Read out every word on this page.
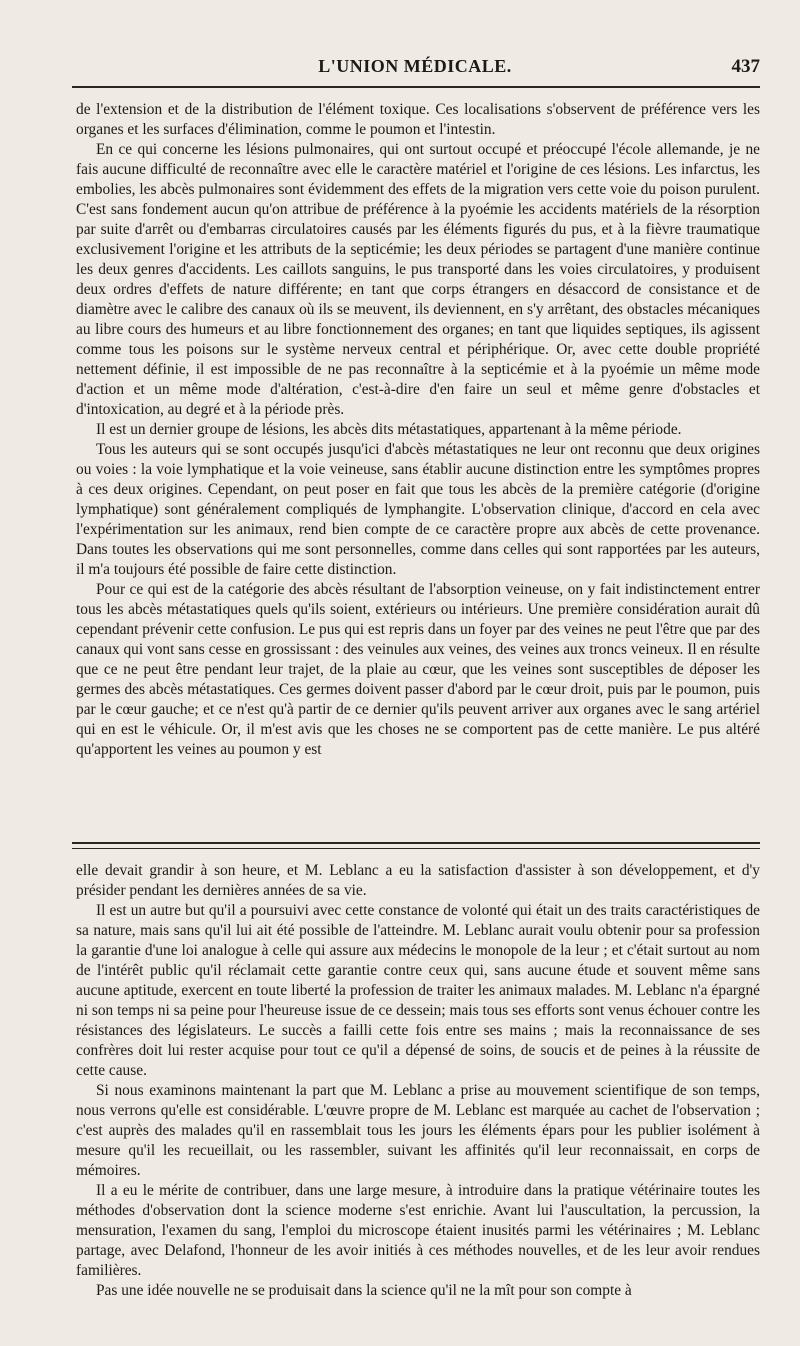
L'UNION MÉDICALE.	437

de l'extension et de la distribution de l'élément toxique. Ces localisations s'observent de préférence vers les organes et les surfaces d'élimination, comme le poumon et l'intestin.

En ce qui concerne les lésions pulmonaires, qui ont surtout occupé et préoccupé l'école allemande, je ne fais aucune difficulté de reconnaître avec elle le caractère matériel et l'origine de ces lésions. Les infarctus, les embolies, les abcès pulmonaires sont évidemment des effets de la migration vers cette voie du poison purulent. C'est sans fondement aucun qu'on attribue de préférence à la pyoémie les accidents matériels de la résorption par suite d'arrêt ou d'embarras circulatoires causés par les éléments figurés du pus, et à la fièvre traumatique exclusivement l'origine et les attributs de la septicémie; les deux périodes se partagent d'une manière continue les deux genres d'accidents. Les caillots sanguins, le pus transporté dans les voies circulatoires, y produisent deux ordres d'effets de nature différente; en tant que corps étrangers en désaccord de consistance et de diamètre avec le calibre des canaux où ils se meuvent, ils deviennent, en s'y arrêtant, des obstacles mécaniques au libre cours des humeurs et au libre fonctionnement des organes; en tant que liquides septiques, ils agissent comme tous les poisons sur le système nerveux central et périphérique. Or, avec cette double propriété nettement définie, il est impossible de ne pas reconnaître à la septicémie et à la pyoémie un même mode d'action et un même mode d'altération, c'est-à-dire d'en faire un seul et même genre d'obstacles et d'intoxication, au degré et à la période près.

Il est un dernier groupe de lésions, les abcès dits métastatiques, appartenant à la même période.

Tous les auteurs qui se sont occupés jusqu'ici d'abcès métastatiques ne leur ont reconnu que deux origines ou voies : la voie lymphatique et la voie veineuse, sans établir aucune distinction entre les symptômes propres à ces deux origines. Cependant, on peut poser en fait que tous les abcès de la première catégorie (d'origine lymphatique) sont généralement compliqués de lymphangite. L'observation clinique, d'accord en cela avec l'expérimentation sur les animaux, rend bien compte de ce caractère propre aux abcès de cette provenance. Dans toutes les observations qui me sont personnelles, comme dans celles qui sont rapportées par les auteurs, il m'a toujours été possible de faire cette distinction.

Pour ce qui est de la catégorie des abcès résultant de l'absorption veineuse, on y fait indistinctement entrer tous les abcès métastatiques quels qu'ils soient, extérieurs ou intérieurs. Une première considération aurait dû cependant prévenir cette confusion. Le pus qui est repris dans un foyer par des veines ne peut l'être que par des canaux qui vont sans cesse en grossissant : des veinules aux veines, des veines aux troncs veineux. Il en résulte que ce ne peut être pendant leur trajet, de la plaie au cœur, que les veines sont susceptibles de déposer les germes des abcès métastatiques. Ces germes doivent passer d'abord par le cœur droit, puis par le poumon, puis par le cœur gauche; et ce n'est qu'à partir de ce dernier qu'ils peuvent arriver aux organes avec le sang artériel qui en est le véhicule. Or, il m'est avis que les choses ne se comportent pas de cette manière. Le pus altéré qu'apportent les veines au poumon y est

elle devait grandir à son heure, et M. Leblanc a eu la satisfaction d'assister à son développement, et d'y présider pendant les dernières années de sa vie.

Il est un autre but qu'il a poursuivi avec cette constance de volonté qui était un des traits caractéristiques de sa nature, mais sans qu'il lui ait été possible de l'atteindre. M. Leblanc aurait voulu obtenir pour sa profession la garantie d'une loi analogue à celle qui assure aux médecins le monopole de la leur ; et c'était surtout au nom de l'intérêt public qu'il réclamait cette garantie contre ceux qui, sans aucune étude et souvent même sans aucune aptitude, exercent en toute liberté la profession de traiter les animaux malades. M. Leblanc n'a épargné ni son temps ni sa peine pour l'heureuse issue de ce dessein; mais tous ses efforts sont venus échouer contre les résistances des législateurs. Le succès a failli cette fois entre ses mains ; mais la reconnaissance de ses confrères doit lui rester acquise pour tout ce qu'il a dépensé de soins, de soucis et de peines à la réussite de cette cause.

Si nous examinons maintenant la part que M. Leblanc a prise au mouvement scientifique de son temps, nous verrons qu'elle est considérable. L'œuvre propre de M. Leblanc est marquée au cachet de l'observation ; c'est auprès des malades qu'il en rassemblait tous les jours les éléments épars pour les publier isolément à mesure qu'il les recueillait, ou les rassembler, suivant les affinités qu'il leur reconnaissait, en corps de mémoires.

Il a eu le mérite de contribuer, dans une large mesure, à introduire dans la pratique vétérinaire toutes les méthodes d'observation dont la science moderne s'est enrichie. Avant lui l'auscultation, la percussion, la mensuration, l'examen du sang, l'emploi du microscope étaient inusités parmi les vétérinaires ; M. Leblanc partage, avec Delafond, l'honneur de les avoir initiés à ces méthodes nouvelles, et de les leur avoir rendues familières.

Pas une idée nouvelle ne se produisait dans la science qu'il ne la mît pour son compte à
